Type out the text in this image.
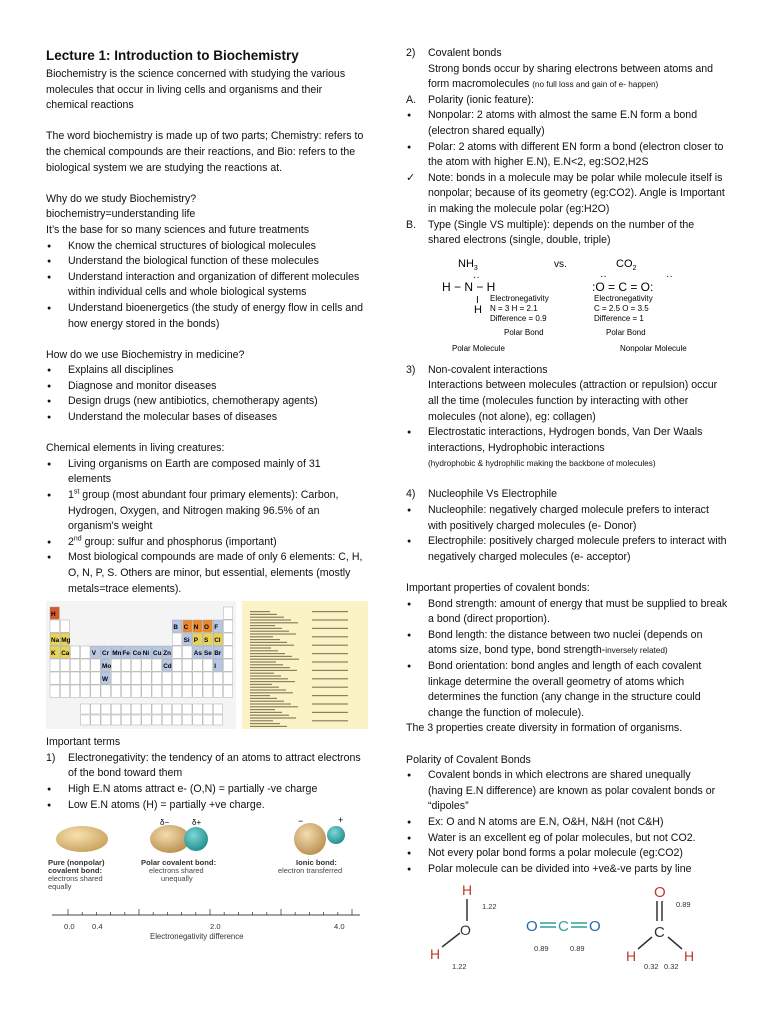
Lecture 1: Introduction to Biochemistry

Biochemistry is the science concerned with studying the various molecules that occur in living cells and organisms and their chemical reactions

The word biochemistry is made up of two parts; Chemistry: refers to the chemical compounds are their reactions, and Bio: refers to the biological system we are studying the reactions at.

Why do we study Biochemistry?

biochemistry=understanding life

It’s the base for so many sciences and future treatments

● Know the chemical structures of biological molecules
● Understand the biological function of these molecules
● Understand interaction and organization of different molecules within individual cells and whole biological systems
● Understand bioenergetics (the study of energy flow in cells and how energy stored in the bonds)

How do we use Biochemistry in medicine?

● Explains all disciplines
● Diagnose and monitor diseases
● Design drugs (new antibiotics, chemotherapy agents)
● Understand the molecular bases of diseases

Chemical elements in living creatures:

● Living organisms on Earth are composed mainly of 31 elements
● 1st group (most abundant four primary elements): Carbon, Hydrogen, Oxygen, and Nitrogen making 96.5% of an organism's weight
● 2nd group: sulfur and phosphorus (important)
● Most biological compounds are made of only 6 elements: C, H, O, N, P, S. Others are minor, but essential, elements (mostly metals=trace elements).
H
B C N O F
Na Mg	Si P S Cl
K Ca	V Cr Mn Fe Co Ni Cu Zn	As Se Br
Mo	Cd	I
W

Important terms

1) Electronegativity: the tendency of an atoms to attract electrons of the bond toward them
● High E.N atoms attract e- (O,N) = partially -ve charge
● Low E.N atoms (H) = partially +ve charge.
δ−	δ+	−	+
Pure (nonpolar) covalent bond:
electrons shared equally
Polar covalent bond:
electrons shared unequally
Ionic bond:
electron transferred
0.0 0.4	2.0	4.0
Electronegativity difference
2) Covalent bonds

Strong bonds occur by sharing electrons between atoms and form macromolecules (no full loss and gain of e- happen)

A. Polarity (ionic feature):
● Nonpolar: 2 atoms with almost the same E.N form a bond (electron shared equally)
● Polar: 2 atoms with different EN form a bond (electron closer to the atom with higher E.N), E.N<2, eg:SO2,H2S
✓ Note: bonds in a molecule may be polar while molecule itself is nonpolar; because of its geometry (eg:CO2). Angle is Important in making the molecule polar (eg:H2O)
B. Type (Single VS multiple): depends on the number of the shared electrons (single, double, triple)
$NH_3$	vs.	$CO_2$
H − N − H
··
I
H
Electronegativity
N = 3 H = 2.1
Difference = 0.9
Polar Bond
Polar Molecule
:O = C = O:
··	··
Electronegativity
C = 2.5 O = 3.5
Difference = 1
Polar Bond
Nonpolar Molecule
3) Non-covalent interactions

Interactions between molecules (attraction or repulsion) occur all the time (molecules function by interacting with other molecules (not alone), eg: collagen)

● Electrostatic interactions, Hydrogen bonds, Van Der Waals interactions, Hydrophobic interactions

(hydrophobic & hydrophilic making the backbone of molecules)

4) Nucleophile Vs Electrophile
● Nucleophile: negatively charged molecule prefers to interact with positively charged molecules (e- Donor)
● Electrophile: positively charged molecule prefers to interact with negatively charged molecules (e- acceptor)

Important properties of covalent bonds:

● Bond strength: amount of energy that must be supplied to break a bond (direct proportion).
● Bond length: the distance between two nuclei (depends on atoms size, bond type, bond strength-inversely related)
● Bond orientation: bond angles and length of each covalent linkage determine the overall geometry of atoms which determines the function (any change in the structure could change the function of molecule).

The 3 properties create diversity in formation of organisms.

Polarity of Covalent Bonds

● Covalent bonds in which electrons are shared unequally (having E.N difference) are known as polar covalent bonds or “dipoles”
● Ex: O and N atoms are E.N, O&H, N&H (not C&H)
● Water is an excellent eg of polar molecules, but not CO2.
● Not every polar bond forms a polar molecule (eg:CO2)
● Polar molecule can be divided into +ve&-ve parts by line
H
O
H
1.22
1.22
O C O
0.89	0.89
O
C
H	H
0.89
0.32 0.32
